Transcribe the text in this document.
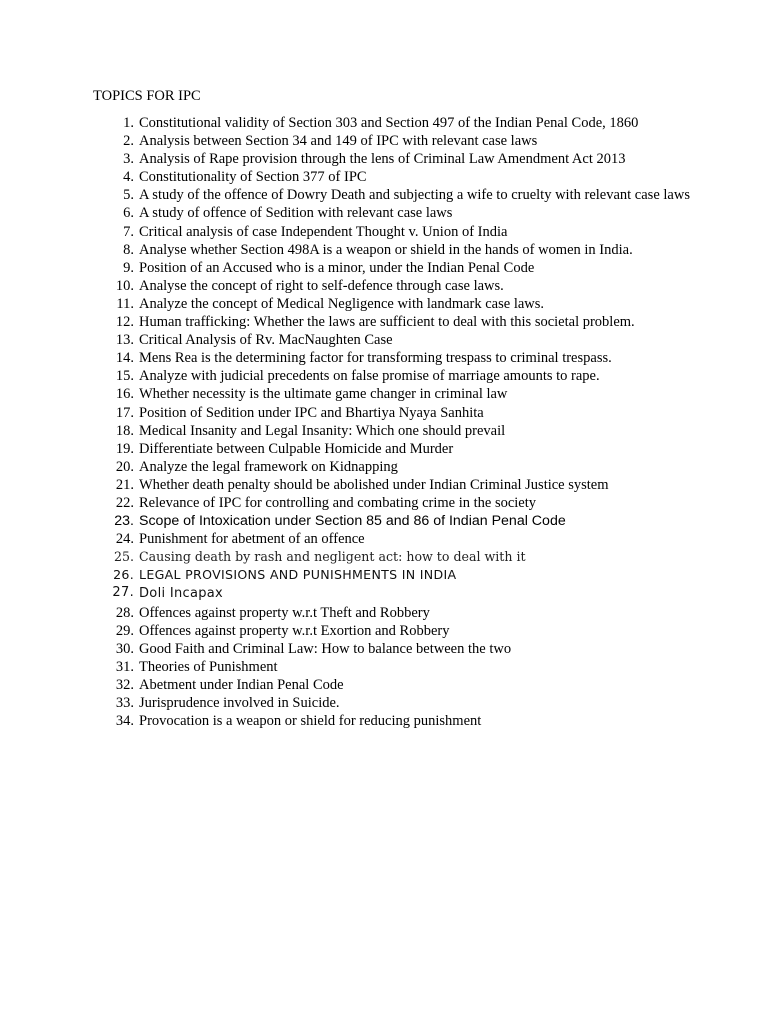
TOPICS FOR IPC
1. Constitutional validity of Section 303 and Section 497 of the Indian Penal Code, 1860
2. Analysis between Section 34 and 149 of IPC with relevant case laws
3. Analysis of Rape provision through the lens of Criminal Law Amendment Act 2013
4. Constitutionality of Section 377 of IPC
5. A study of the offence of Dowry Death and subjecting a wife to cruelty with relevant case laws
6. A study of offence of Sedition with relevant case laws
7. Critical analysis of case Independent Thought v. Union of India
8. Analyse whether Section 498A is a weapon or shield in the hands of women in India.
9. Position of an Accused who is a minor, under the Indian Penal Code
10. Analyse the concept of right to self-defence through case laws.
11. Analyze the concept of Medical Negligence with landmark case laws.
12. Human trafficking: Whether the laws are sufficient to deal with this societal problem.
13. Critical Analysis of Rv. MacNaughten Case
14. Mens Rea is the determining factor for transforming trespass to criminal trespass.
15. Analyze with judicial precedents on false promise of marriage amounts to rape.
16. Whether necessity is the ultimate game changer in criminal law
17. Position of Sedition under IPC and Bhartiya Nyaya Sanhita
18. Medical Insanity and Legal Insanity: Which one should prevail
19. Differentiate between Culpable Homicide and Murder
20. Analyze the legal framework on Kidnapping
21. Whether death penalty should be abolished under Indian Criminal Justice system
22. Relevance of IPC for controlling and combating crime in the society
23. Scope of Intoxication under Section 85 and 86 of Indian Penal Code
24. Punishment for abetment of an offence
25. Causing death by rash and negligent act: how to deal with it
26. LEGAL PROVISIONS AND PUNISHMENTS IN INDIA
27. Doli Incapax
28. Offences against property w.r.t Theft and Robbery
29. Offences against property w.r.t Exortion and Robbery
30. Good Faith and Criminal Law: How to balance between the two
31. Theories of Punishment
32. Abetment under Indian Penal Code
33. Jurisprudence involved in Suicide.
34. Provocation is a weapon or shield for reducing punishment
